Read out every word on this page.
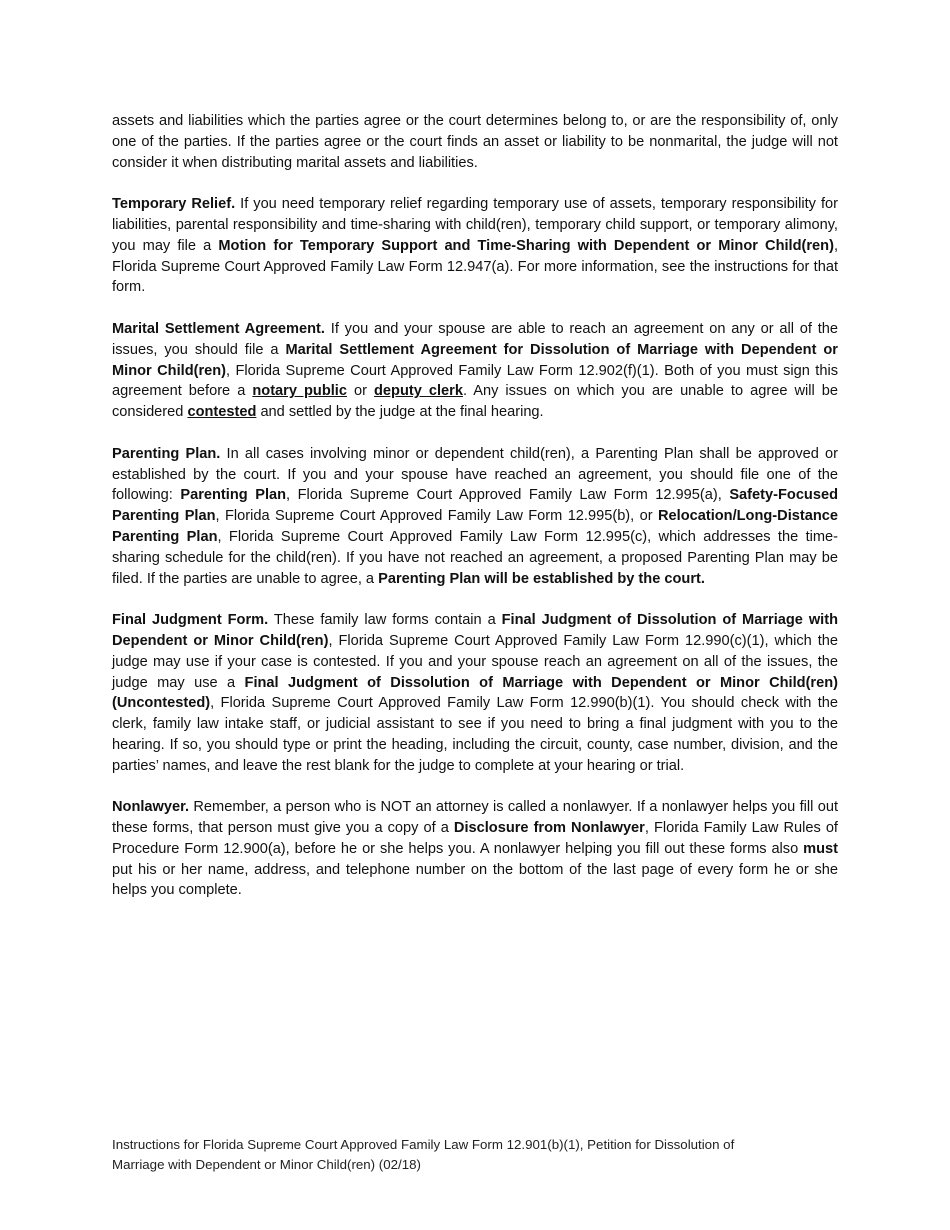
assets and liabilities which the parties agree or the court determines belong to, or are the responsibility of, only one of the parties. If the parties agree or the court finds an asset or liability to be nonmarital, the judge will not consider it when distributing marital assets and liabilities.

Temporary Relief. If you need temporary relief regarding temporary use of assets, temporary responsibility for liabilities, parental responsibility and time-sharing with child(ren), temporary child support, or temporary alimony, you may file a Motion for Temporary Support and Time-Sharing with Dependent or Minor Child(ren), Florida Supreme Court Approved Family Law Form 12.947(a). For more information, see the instructions for that form.

Marital Settlement Agreement. If you and your spouse are able to reach an agreement on any or all of the issues, you should file a Marital Settlement Agreement for Dissolution of Marriage with Dependent or Minor Child(ren), Florida Supreme Court Approved Family Law Form 12.902(f)(1). Both of you must sign this agreement before a notary public or deputy clerk. Any issues on which you are unable to agree will be considered contested and settled by the judge at the final hearing.

Parenting Plan. In all cases involving minor or dependent child(ren), a Parenting Plan shall be approved or established by the court. If you and your spouse have reached an agreement, you should file one of the following: Parenting Plan, Florida Supreme Court Approved Family Law Form 12.995(a), Safety-Focused Parenting Plan, Florida Supreme Court Approved Family Law Form 12.995(b), or Relocation/Long-Distance Parenting Plan, Florida Supreme Court Approved Family Law Form 12.995(c), which addresses the time-sharing schedule for the child(ren). If you have not reached an agreement, a proposed Parenting Plan may be filed. If the parties are unable to agree, a Parenting Plan will be established by the court.

Final Judgment Form. These family law forms contain a Final Judgment of Dissolution of Marriage with Dependent or Minor Child(ren), Florida Supreme Court Approved Family Law Form 12.990(c)(1), which the judge may use if your case is contested. If you and your spouse reach an agreement on all of the issues, the judge may use a Final Judgment of Dissolution of Marriage with Dependent or Minor Child(ren) (Uncontested), Florida Supreme Court Approved Family Law Form 12.990(b)(1). You should check with the clerk, family law intake staff, or judicial assistant to see if you need to bring a final judgment with you to the hearing. If so, you should type or print the heading, including the circuit, county, case number, division, and the parties’ names, and leave the rest blank for the judge to complete at your hearing or trial.

Nonlawyer. Remember, a person who is NOT an attorney is called a nonlawyer. If a nonlawyer helps you fill out these forms, that person must give you a copy of a Disclosure from Nonlawyer, Florida Family Law Rules of Procedure Form 12.900(a), before he or she helps you. A nonlawyer helping you fill out these forms also must put his or her name, address, and telephone number on the bottom of the last page of every form he or she helps you complete.

Instructions for Florida Supreme Court Approved Family Law Form 12.901(b)(1), Petition for Dissolution of
Marriage with Dependent or Minor Child(ren) (02/18)
